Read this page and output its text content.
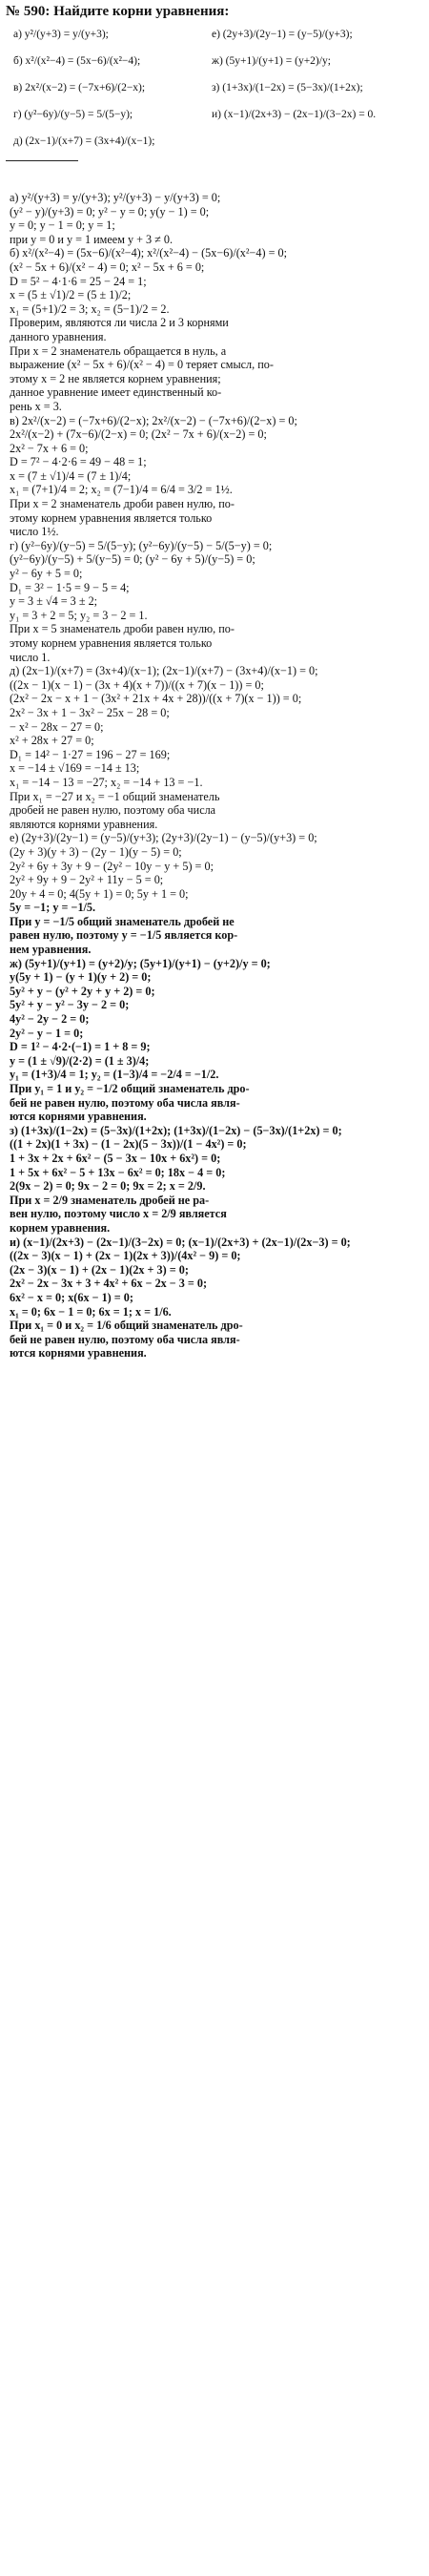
№ 590: Найдите корни уравнения:
а) y²/(y+3) = y/(y+3);
б) x²/(x²−4) = (5x−6)/(x²−4);
в) 2x²/(x−2) = (−7x+6)/(2−x);
г) (y²−6y)/(y−5) = 5/(5−y);
д) (2x−1)/(x+7) = (3x+4)/(x−1);
е) (2y+3)/(2y−1) = (y−5)/(y+3);
ж) (5y+1)/(y+1) = (y+2)/y;
з) (1+3x)/(1−2x) = (5−3x)/(1+2x);
и) (x−1)/(2x+3) − (2x−1)/(3−2x) = 0.
а) y²/(y+3) = y/(y+3); y²/(y+3) − y/(y+3) = 0;
(y² − y)/(y+3) = 0; y² − y = 0; y(y − 1) = 0;
y = 0; y − 1 = 0; y = 1;
при y = 0 и y = 1 имеем y + 3 ≠ 0.
б) x²/(x²−4) = (5x−6)/(x²−4); x²/(x²−4) − (5x−6)/(x²−4) = 0;
(x² − 5x + 6)/(x² − 4) = 0; x² − 5x + 6 = 0;
D = 5² − 4·1·6 = 25 − 24 = 1;
x = (5 ± √1)/2 = (5 ± 1)/2;
x₁ = (5+1)/2 = 3; x₂ = (5−1)/2 = 2.
Проверим, являются ли числа 2 и 3 корнями
данного уравнения.
При x = 2 знаменатель обращается в нуль, а
выражение (x² − 5x + 6)/(x² − 4) = 0 теряет смысл, по-
этому x = 2 не является корнем уравнения;
данное уравнение имеет единственный ко-
рень x = 3.
в) 2x²/(x−2) = (−7x+6)/(2−x); 2x²/(x−2) − (−7x+6)/(2−x) = 0;
2x²/(x−2) + (7x−6)/(2−x) = 0; (2x² − 7x + 6)/(x−2) = 0;
2x² − 7x + 6 = 0;
D = 7² − 4·2·6 = 49 − 48 = 1;
x = (7 ± √1)/4 = (7 ± 1)/4;
x₁ = (7+1)/4 = 2; x₂ = (7−1)/4 = 6/4 = 3/2 = 1½.
При x = 2 знаменатель дроби равен нулю, по-
этому корнем уравнения является только
число 1½.
г) (y²−6y)/(y−5) = 5/(5−y); (y²−6y)/(y−5) − 5/(5−y) = 0;
(y²−6y)/(y−5) + 5/(y−5) = 0; (y² − 6y + 5)/(y−5) = 0;
y² − 6y + 5 = 0;
D₁ = 3² − 1·5 = 9 − 5 = 4;
y = 3 ± √4 = 3 ± 2;
y₁ = 3 + 2 = 5; y₂ = 3 − 2 = 1.
При x = 5 знаменатель дроби равен нулю, по-
этому корнем уравнения является только
число 1.
д) (2x−1)/(x+7) = (3x+4)/(x−1); (2x−1)/(x+7) − (3x+4)/(x−1) = 0;
((2x − 1)(x − 1) − (3x + 4)(x + 7))/((x + 7)(x − 1)) = 0;
(2x² − 2x − x + 1 − (3x² + 21x + 4x + 28))/((x + 7)(x − 1)) = 0;
2x² − 3x + 1 − 3x² − 25x − 28 = 0;
− x² − 28x − 27 = 0;
x² + 28x + 27 = 0;
D₁ = 14² − 1·27 = 196 − 27 = 169;
x = −14 ± √169 = −14 ± 13;
x₁ = −14 − 13 = −27; x₂ = −14 + 13 = −1.
При x₁ = −27 и x₂ = −1 общий знаменатель
дробей не равен нулю, поэтому оба числа
являются корнями уравнения.
е) (2y+3)/(2y−1) = (y−5)/(y+3); (2y+3)/(2y−1) − (y−5)/(y+3) = 0;
(2y + 3)(y + 3) − (2y − 1)(y − 5) = 0;
2y² + 6y + 3y + 9 − (2y² − 10y − y + 5) = 0;
2y² + 9y + 9 − 2y² + 11y − 5 = 0;
20y + 4 = 0; 4(5y + 1) = 0; 5y + 1 = 0;
5y = −1; y = −1/5.
При y = −1/5 общий знаменатель дробей не
равен нулю, поэтому y = −1/5 является кор-
нем уравнения.
ж) (5y+1)/(y+1) = (y+2)/y; (5y+1)/(y+1) − (y+2)/y = 0;
y(5y + 1) − (y + 1)(y + 2) = 0;
5y² + y − (y² + 2y + y + 2) = 0;
5y² + y − y² − 3y − 2 = 0;
4y² − 2y − 2 = 0;
2y² − y − 1 = 0;
D = 1² − 4·2·(−1) = 1 + 8 = 9;
y = (1 ± √9)/(2·2) = (1 ± 3)/4;
y₁ = (1+3)/4 = 1; y₂ = (1−3)/4 = −2/4 = −1/2.
При y₁ = 1 и y₂ = −1/2 общий знаменатель дро-
бей не равен нулю, поэтому оба числа явля-
ются корнями уравнения.
з) (1+3x)/(1−2x) = (5−3x)/(1+2x); (1+3x)/(1−2x) − (5−3x)/(1+2x) = 0;
((1 + 2x)(1 + 3x) − (1 − 2x)(5 − 3x))/(1 − 4x²) = 0;
1 + 3x + 2x + 6x² − (5 − 3x − 10x + 6x²) = 0;
1 + 5x + 6x² − 5 + 13x − 6x² = 0; 18x − 4 = 0;
2(9x − 2) = 0; 9x − 2 = 0; 9x = 2; x = 2/9.
При x = 2/9 знаменатель дробей не ра-
вен нулю, поэтому число x = 2/9 является
корнем уравнения.
и) (x−1)/(2x+3) − (2x−1)/(3−2x) = 0; (x−1)/(2x+3) + (2x−1)/(2x−3) = 0;
((2x − 3)(x − 1) + (2x − 1)(2x + 3))/(4x² − 9) = 0;
(2x − 3)(x − 1) + (2x − 1)(2x + 3) = 0;
2x² − 2x − 3x + 3 + 4x² + 6x − 2x − 3 = 0;
6x² − x = 0; x(6x − 1) = 0;
x₁ = 0; 6x − 1 = 0; 6x = 1; x = 1/6.
При x₁ = 0 и x₂ = 1/6 общий знаменатель дро-
бей не равен нулю, поэтому оба числа явля-
ются корнями уравнения.
